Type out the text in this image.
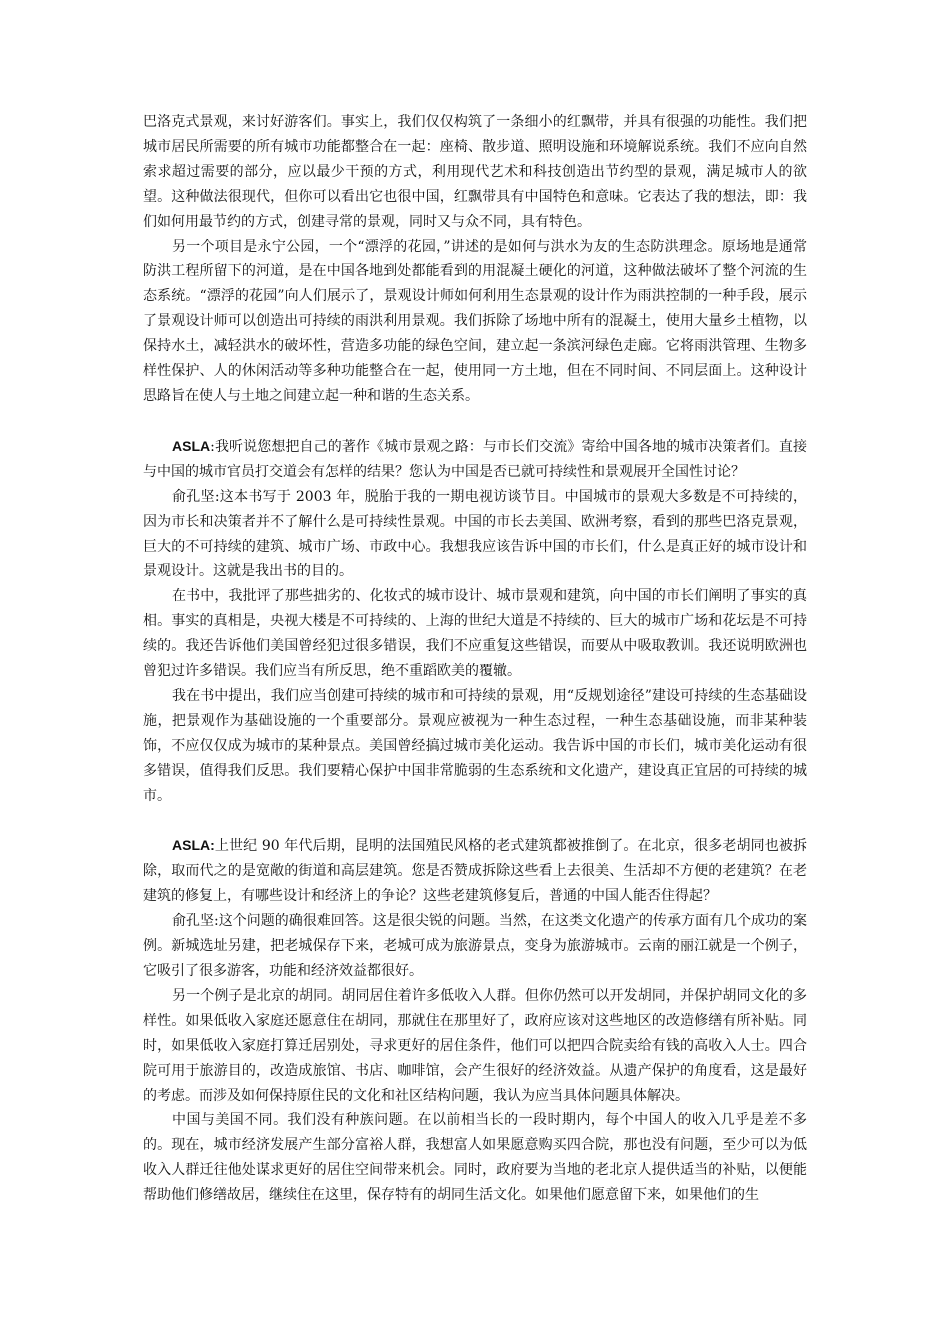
巴洛克式景观，来讨好游客们。事实上，我们仅仅构筑了一条细小的红飘带，并具有很强的功能性。我们把城市居民所需要的所有城市功能都整合在一起：座椅、散步道、照明设施和环境解说系统。我们不应向自然索求超过需要的部分，应以最少干预的方式，利用现代艺术和科技创造出节约型的景观，满足城市人的欲望。这种做法很现代，但你可以看出它也很中国，红飘带具有中国特色和意味。它表达了我的想法，即：我们如何用最节约的方式，创建寻常的景观，同时又与众不同，具有特色。

另一个项目是永宁公园，一个“漂浮的花园，”讲述的是如何与洪水为友的生态防洪理念。原场地是通常防洪工程所留下的河道，是在中国各地到处都能看到的用混凝土硬化的河道，这种做法破坏了整个河流的生态系统。“漂浮的花园”向人们展示了，景观设计师如何利用生态景观的设计作为雨洪控制的一种手段，展示了景观设计师可以创造出可持续的雨洪利用景观。我们拆除了场地中所有的混凝土，使用大量乡土植物，以保持水土，减轻洪水的破坏性，营造多功能的绿色空间，建立起一条滨河绿色走廊。它将雨洪管理、生物多样性保护、人的休闲活动等多种功能整合在一起，使用同一方土地，但在不同时间、不同层面上。这种设计思路旨在使人与土地之间建立起一种和谐的生态关系。

ASLA:我听说您想把自己的著作《城市景观之路：与市长们交流》寄给中国各地的城市决策者们。直接与中国的城市官员打交道会有怎样的结果？您认为中国是否已就可持续性和景观展开全国性讨论？

俞孔坚:这本书写于 2003 年，脱胎于我的一期电视访谈节目。中国城市的景观大多数是不可持续的，因为市长和决策者并不了解什么是可持续性景观。中国的市长去美国、欧洲考察，看到的那些巴洛克景观，巨大的不可持续的建筑、城市广场、市政中心。我想我应该告诉中国的市长们，什么是真正好的城市设计和景观设计。这就是我出书的目的。

在书中，我批评了那些拙劣的、化妆式的城市设计、城市景观和建筑，向中国的市长们阐明了事实的真相。事实的真相是，央视大楼是不可持续的、上海的世纪大道是不持续的、巨大的城市广场和花坛是不可持续的。我还告诉他们美国曾经犯过很多错误，我们不应重复这些错误，而要从中吸取教训。我还说明欧洲也曾犯过许多错误。我们应当有所反思，绝不重蹈欧美的覆辙。

我在书中提出，我们应当创建可持续的城市和可持续的景观，用“反规划途径”建设可持续的生态基础设施，把景观作为基础设施的一个重要部分。景观应被视为一种生态过程，一种生态基础设施，而非某种装饰，不应仅仅成为城市的某种景点。美国曾经搞过城市美化运动。我告诉中国的市长们，城市美化运动有很多错误，值得我们反思。我们要精心保护中国非常脆弱的生态系统和文化遗产，建设真正宜居的可持续的城市。

ASLA:上世纪 90 年代后期，昆明的法国殖民风格的老式建筑都被推倒了。在北京，很多老胡同也被拆除，取而代之的是宽敞的街道和高层建筑。您是否赞成拆除这些看上去很美、生活却不方便的老建筑？在老建筑的修复上，有哪些设计和经济上的争论？这些老建筑修复后，普通的中国人能否住得起？

俞孔坚:这个问题的确很难回答。这是很尖锐的问题。当然，在这类文化遗产的传承方面有几个成功的案例。新城选址另建，把老城保存下来，老城可成为旅游景点，变身为旅游城市。云南的丽江就是一个例子，它吸引了很多游客，功能和经济效益都很好。

另一个例子是北京的胡同。胡同居住着许多低收入人群。但你仍然可以开发胡同，并保护胡同文化的多样性。如果低收入家庭还愿意住在胡同，那就住在那里好了，政府应该对这些地区的改造修缮有所补贴。同时，如果低收入家庭打算迁居别处，寻求更好的居住条件，他们可以把四合院卖给有钱的高收入人士。四合院可用于旅游目的，改造成旅馆、书店、咖啡馆，会产生很好的经济效益。从遗产保护的角度看，这是最好的考虑。而涉及如何保持原住民的文化和社区结构问题，我认为应当具体问题具体解决。

中国与美国不同。我们没有种族问题。在以前相当长的一段时期内，每个中国人的收入几乎是差不多的。现在，城市经济发展产生部分富裕人群，我想富人如果愿意购买四合院，那也没有问题，至少可以为低收入人群迁往他处谋求更好的居住空间带来机会。同时，政府要为当地的老北京人提供适当的补贴，以便能帮助他们修缮故居，继续住在这里，保存特有的胡同生活文化。如果他们愿意留下来，如果他们的生
